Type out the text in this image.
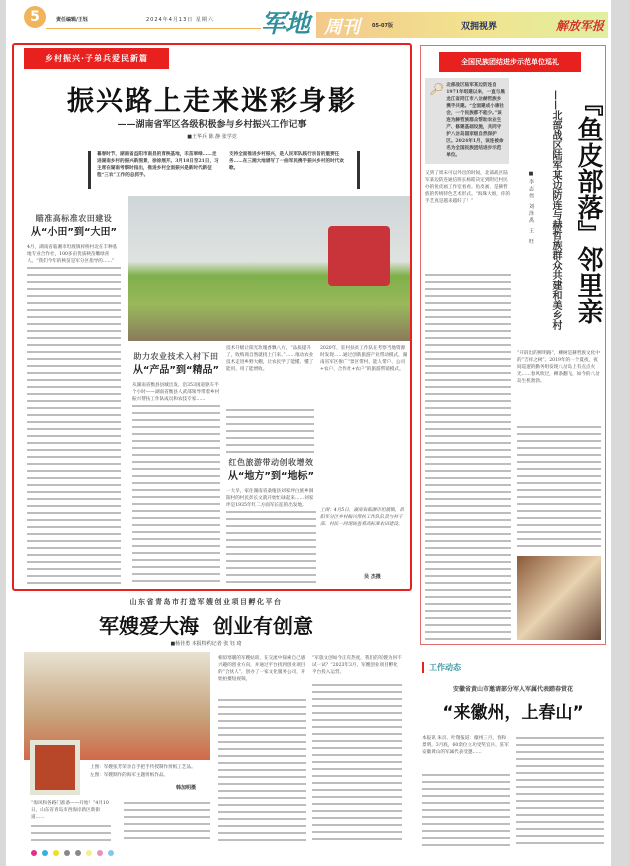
5	责任编辑/王钰	2024年4月13日 星期六	周刊 05-07版	双拥视界	解放军报
军地
乡村振兴·子弟兵爱民新篇
振兴路上走来迷彩身影
——湖南省军区各级积极参与乡村振兴工作记事
■王华兵 陈 静 张学竞
暮春时节，湖南省益阳市南县的育秧基地，禾苗翠绿……走进湖南乡村的振兴新图景，徐徐展开。3月18日至21日，习主席在湖南考察时指出，推进乡村全面振兴是新时代新征程“三农”工作的总抓手。
支持全面推进乡村振兴，是人民军队践行宗旨的重要任务……在三湘大地谱写了一曲军民携手振兴乡村的时代欢歌。
瞄准高标准农田建设
从“小田”到“大田”
4月，湖南省临湘市坦渡镇梓桥村北在丰种基地专业合作社，100多亩优质秧苗嫩绿喜人。“我们今年的秧苗是军分区指导的……”
助力农业技术入村下田
从“产品”到“精品”
从湖南省衡县县城出发，沿353国道驱车半个小时——湖南省衡县人武部领导带着乡村振兴帮扶工作队成员和农技专家……
技术升级让阳光玫瑰香飘八方，“品质提升了，收购商自然就找上门来。”……推动农业技术走进乡野大棚，让农民学了能懂、懂了能用、用了能增收。
红色旅游带动创收增效
从“地方”到“地标”
一大早，家住湖南省桑植县刘家坪白族乡洞阳村的村民彭长文就开始忙碌起来……刘家坪是1935年红二方面军长征的出发地。
2020年，驻村扶贫工作队在考察当地资源时发现……通过创新旅游产业带动模式，湖南省军区推广“景区带村、能人带户、公司+农户、合作社+农户”的旅游帮销模式。
上图：4月5日，湖南省临湘市坦渡镇，岳阳军分区乡村振兴帮扶工作队队员与村干部、村民一同现场查看高标准农田建设。
吴 杰摄
全国民族团结进步示范单位巡礼
🔎︎ 北部战区陆军某边防连自1971年组建以来，一直与黑龙江省同江市八岔赫哲族乡携手共建。“全面建成小康社会，一个民族都不能少。”该连为赫哲族群众帮助农业生产、修建基础设施，共同守护八岔岛国家级自然保护区。2024年1月，该连被命名为全国民族团结进步示范单位。	『鱼皮部落』邻里亲
——北部战区陆军某边防连与赫哲族群众共建和美乡村
■李志伟 刘泽禹 王 旺
又到了周末可以外出的时间，北部战区陆军某边防连通信班长杨皓决定到附近村民办的鱼皮画工作室看看。鱼皮画，是赫哲族的传统特色艺术形式。“海珠大姐，你的手艺真是越来越好了！”
“开辟出的鲜明路”，柳树是赫哲族文化中的“吉祥之树”。2019年的一个夏夜，夜间巡逻的勤务组发现八岔岛上有点点火光……春风吹过，柳条翻飞，如今的八岔岛生机勃勃。
山东省青岛市打造军嫂创业项目孵化平台
军嫂爱大海  创业有创意
■杨佳勇 本报特约记者 张 钰 琦
上图：军嫂张芳荣亲自手把手传授制作剪纸工艺品。
左图：军嫂制作的海军主题剪纸作品。
韩加明摄
“海风和各路门准备——开始！”4月10日，山东省青岛市西海岸新区新街道……
相似寒暖的军嫂姑训，在交流中探索自己感兴趣的创业方向，并通过平台找到创业项目的“合伙人”，创办了一家文化服务公司，开始拍摄短视频。
“军旅文创如今正有热度，我们的军嫂为何不试一试？”2023年3月，军嫂创业项目孵化平台投入运营。
工作动态
安徽省黄山市邀请部分军人军属代表踏春赏花
“来徽州，上春山”
本报讯 朱页、叶翔报道：徽州三月，春和景明。3月底，60余位立功受奖官兵、驻军安徽黄山的军属代表受邀……
